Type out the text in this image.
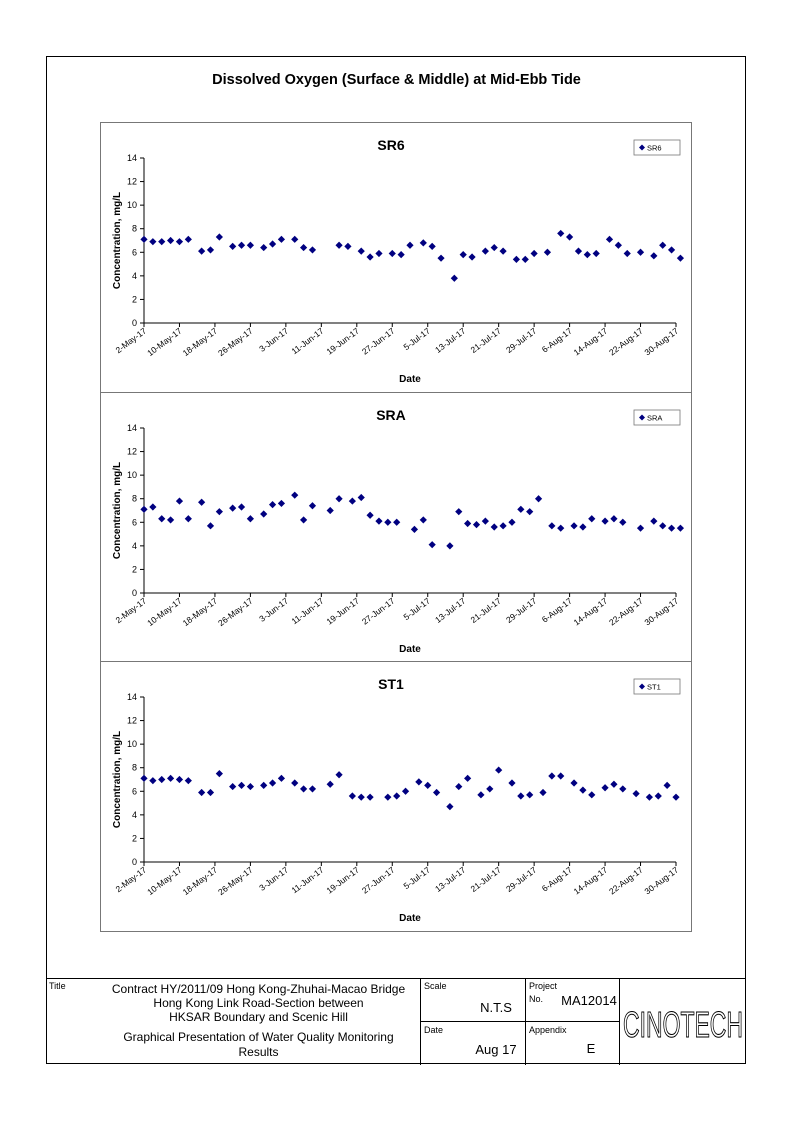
Dissolved Oxygen (Surface & Middle) at Mid-Ebb Tide
SR6
0
2
4
6
8
10
12
14
2-May-17
10-May-17
18-May-17
26-May-17 3-Jun-17 11-Jun-17
19-Jun-17
27-Jun-17 5-Jul-17 13-Jul-17 21-Jul-17 29-Jul-17 6-Aug-17
14-Aug-17
22-Aug-17
30-Aug-17
Date
Concentration, mg/L
SR6
SRA
0
2
4
6
8
10
12
14
2-May-17
10-May-17
18-May-17
26-May-17 3-Jun-17 11-Jun-17
19-Jun-17
27-Jun-17 5-Jul-17 13-Jul-17 21-Jul-17 29-Jul-17 6-Aug-17
14-Aug-17
22-Aug-17
30-Aug-17
Date
Concentration, mg/L
SRA
ST1
0
2
4
6
8
10
12
14
2-May-17
10-May-17
18-May-17
26-May-17 3-Jun-17 11-Jun-17
19-Jun-17
27-Jun-17 5-Jul-17 13-Jul-17 21-Jul-17 29-Jul-17 6-Aug-17
14-Aug-17
22-Aug-17
30-Aug-17
Date
Concentration, mg/L
ST1
Title	Contract HY/2011/09 Hong Kong-Zhuhai-Macao Bridge
Hong Kong Link Road-Section between
HKSAR Boundary and Scenic Hill
Graphical Presentation of Water Quality Monitoring
Results
Scale
N.T.S
Date
Aug 17
Project
No. MA12014
Appendix
E
CINOTECH
